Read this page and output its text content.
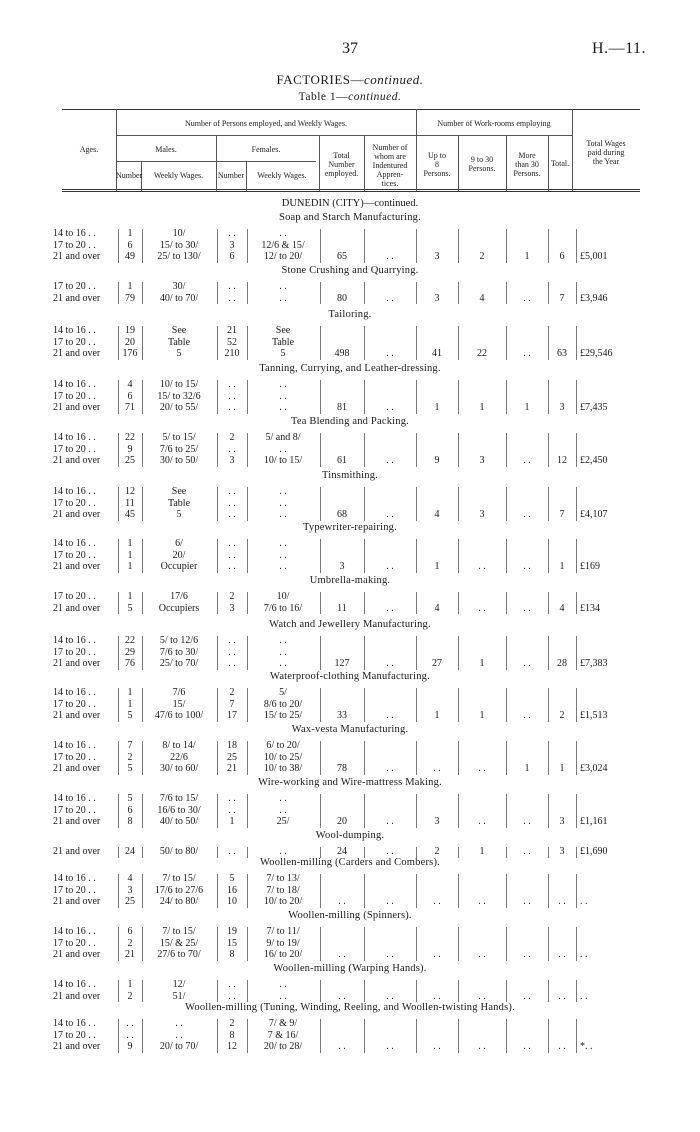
37	H.—11.
FACTORIES—continued.
Table 1—continued.
Ages.
Number of Persons employed, and Weekly Wages.	Number of Work-rooms employing
Males.	Females.
Number	Weekly Wages.	Number	Weekly Wages.
Total
Number
employed.
Number of
whom are
Indentured
Appren-
tices.
Up to
8
Persons.
9 to 30
Persons.
More
than 30
Persons.
Total.
Total Wages
paid during
the Year
DUNEDIN (CITY)—continued.
Soap and Starch Manufacturing.
14 to 16 . .	1	10/	. .	. .
17 to 20 . .	6	15/ to 30/	3	12/6 & 15/
21 and over	49	25/ to 130/	6	12/ to 20/	65	. .	3	2	1	6	£5,001
Stone Crushing and Quarrying.
17 to 20 . .	1	30/	. .	. .
21 and over	79	40/ to 70/	. .	. .	80	. .	3	4	. .	7	£3,946
Tailoring.
14 to 16 . .	19	See	21	See
17 to 20 . .	20	Table	52	Table
21 and over	176	5	210	5	498	. .	41	22	. .	63	£29,546
Tanning, Currying, and Leather-dressing.
14 to 16 . .	4	10/ to 15/	. .	. .
17 to 20 . .	6	15/ to 32/6	. .	. .
21 and over	71	20/ to 55/	. .	. .	81	. .	1	1	1	3	£7,435
Tea Blending and Packing.
14 to 16 . .	22	5/ to 15/	2	5/ and 8/
17 to 20 . .	9	7/6 to 25/	. .	. .
21 and over	25	30/ to 50/	3	10/ to 15/	61	. .	9	3	. .	12	£2,450
Tinsmithing.
14 to 16 . .	12	See	. .	. .
17 to 20 . .	11	Table	. .	. .
21 and over	45	5	. .	. .	68	. .	4	3	. .	7	£4,107
Typewriter-repairing.
14 to 16 . .	1	6/	. .	. .
17 to 20 . .	1	20/	. .	. .
21 and over	1	Occupier	. .	. .	3	. .	1	. .	. .	1	£169
Umbrella-making.
17 to 20 . .	1	17/6	2	10/
21 and over	5	Occupiers	3	7/6 to 16/	11	. .	4	. .	. .	4	£134
Watch and Jewellery Manufacturing.
14 to 16 . .	22	5/ to 12/6	. .	. .
17 to 20 . .	29	7/6 to 30/	. .	. .
21 and over	76	25/ to 70/	. .	. .	127	. .	27	1	. .	28	£7,383
Waterproof-clothing Manufacturing.
14 to 16 . .	1	7/6	2	5/
17 to 20 . .	1	15/	7	8/6 to 20/
21 and over	5	47/6 to 100/	17	15/ to 25/	33	. .	1	1	. .	2	£1,513
Wax-vesta Manufacturing.
14 to 16 . .	7	8/ to 14/	18	6/ to 20/
17 to 20 . .	2	22/6	25	10/ to 25/
21 and over	5	30/ to 60/	21	10/ to 38/	78	. .	. .	. .	1	1	£3,024
Wire-working and Wire-mattress Making.
14 to 16 . .	5	7/6 to 15/	. .	. .
17 to 20 . .	6	16/6 to 30/	. .	. .
21 and over	8	40/ to 50/	1	25/	20	. .	3	. .	. .	3	£1,161
Wool-dumping.
21 and over	24	50/ to 80/	. .	. .	24	. .	2	1	. .	3	£1,690
Woollen-milling (Carders and Combers).
14 to 16 . .	4	7/ to 15/	5	7/ to 13/
17 to 20 . .	3	17/6 to 27/6	16	7/ to 18/
21 and over	25	24/ to 80/	10	10/ to 20/	. .	. .	. .	. .	. .	. .	. .
Woollen-milling (Spinners).
14 to 16 . .	6	7/ to 15/	19	7/ to 11/
17 to 20 . .	2	15/ & 25/	15	9/ to 19/
21 and over	21	27/6 to 70/	8	16/ to 20/	. .	. .	. .	. .	. .	. .	. .
Woollen-milling (Warping Hands).
14 to 16 . .	1	12/	. .	. .
21 and over	2	51/	. .	. .	. .	. .	. .	. .	. .	. .	. .
Woollen-milling (Tuning, Winding, Reeling, and Woollen-twisting Hands).
14 to 16 . .	. .	. .	2	7/ & 9/
17 to 20 . .	. .	. .	8	7 & 16/
21 and over	9	20/ to 70/	12	20/ to 28/	. .	. .	. .	. .	. .	. .	*. .
